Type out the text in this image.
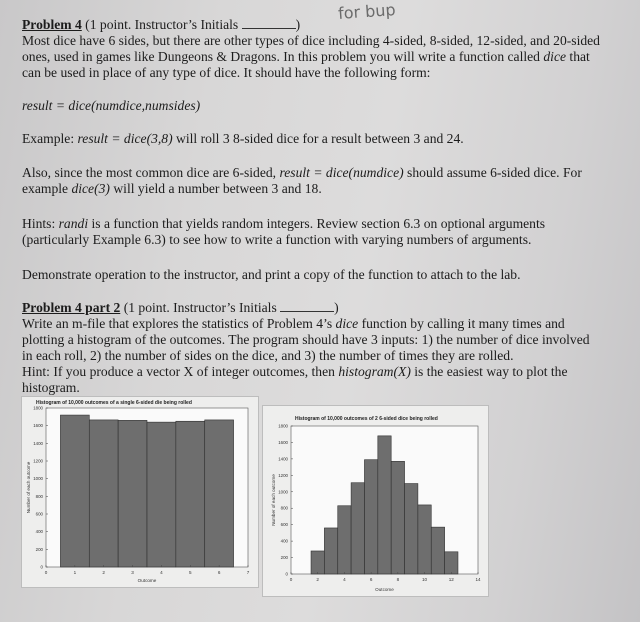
for bup

Problem 4 (1 point. Instructor’s Initials	)

Most dice have 6 sides, but there are other types of dice including 4-sided, 8-sided, 12-sided, and 20-sided

ones, used in games like Dungeons & Dragons. In this problem you will write a function called dice that

can be used in place of any type of dice. It should have the following form:

result = dice(numdice,numsides)

Example: result = dice(3,8) will roll 3 8-sided dice for a result between 3 and 24.

Also, since the most common dice are 6-sided, result = dice(numdice) should assume 6-sided dice. For

example dice(3) will yield a number between 3 and 18.

Hints: randi is a function that yields random integers. Review section 6.3 on optional arguments

(particularly Example 6.3) to see how to write a function with varying numbers of arguments.

Demonstrate operation to the instructor, and print a copy of the function to attach to the lab.

Problem 4 part 2 (1 point. Instructor’s Initials	)

Write an m-file that explores the statistics of Problem 4’s dice function by calling it many times and

plotting a histogram of the outcomes. The program should have 3 inputs: 1) the number of dice involved

in each roll, 2) the number of sides on the dice, and 3) the number of times they are rolled.

Hint: If you produce a vector X of integer outcomes, then histogram(X) is the easiest way to plot the

histogram.

Histogram of 10,000 outcomes of a single 6-sided die being rolled
0
200
400
600
800
1000
1200
1400
1600
1800
0	1	2	3	4	5	6	7
Outcome
Number of each outcome
Histogram of 10,000 outcomes of 2 6-sided dice being rolled
0
200
400
600
800
1000
1200
1400
1600
1800
0	2	4	6	8	10	12	14
Outcome
Number of each outcome
